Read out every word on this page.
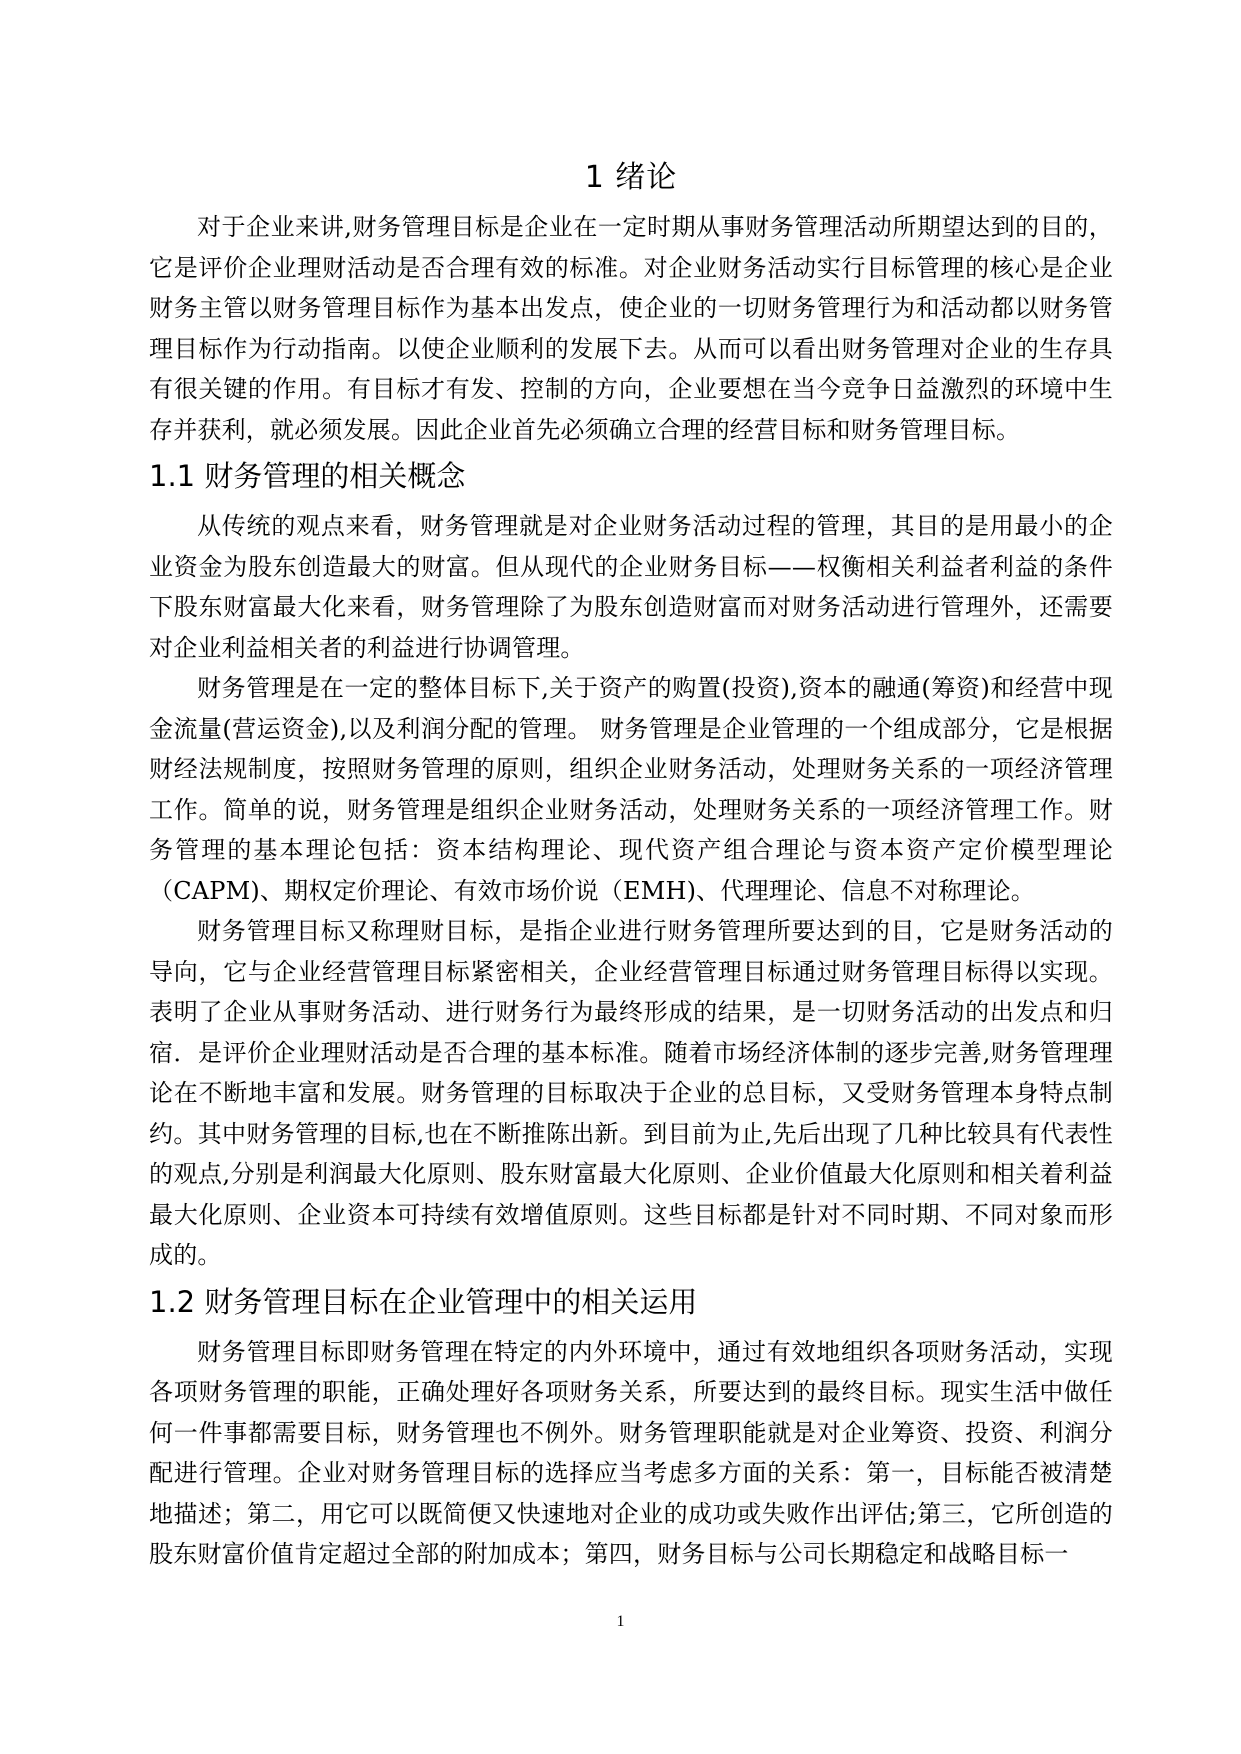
1 绪论

对于企业来讲,财务管理目标是企业在一定时期从事财务管理活动所期望达到的目的，它是评价企业理财活动是否合理有效的标准。对企业财务活动实行目标管理的核心是企业财务主管以财务管理目标作为基本出发点，使企业的一切财务管理行为和活动都以财务管理目标作为行动指南。以使企业顺利的发展下去。从而可以看出财务管理对企业的生存具有很关键的作用。有目标才有发、控制的方向，企业要想在当今竞争日益激烈的环境中生存并获利，就必须发展。因此企业首先必须确立合理的经营目标和财务管理目标。

1.1 财务管理的相关概念

从传统的观点来看，财务管理就是对企业财务活动过程的管理，其目的是用最小的企业资金为股东创造最大的财富。但从现代的企业财务目标——权衡相关利益者利益的条件下股东财富最大化来看，财务管理除了为股东创造财富而对财务活动进行管理外，还需要对企业利益相关者的利益进行协调管理。

财务管理是在一定的整体目标下,关于资产的购置(投资),资本的融通(筹资)和经营中现金流量(营运资金),以及利润分配的管理。 财务管理是企业管理的一个组成部分，它是根据财经法规制度，按照财务管理的原则，组织企业财务活动，处理财务关系的一项经济管理工作。简单的说，财务管理是组织企业财务活动，处理财务关系的一项经济管理工作。财务管理的基本理论包括：资本结构理论、现代资产组合理论与资本资产定价模型理论（CAPM)、期权定价理论、有效市场价说（EMH)、代理理论、信息不对称理论。

财务管理目标又称理财目标，是指企业进行财务管理所要达到的目，它是财务活动的导向，它与企业经营管理目标紧密相关，企业经营管理目标通过财务管理目标得以实现。表明了企业从事财务活动、进行财务行为最终形成的结果，是一切财务活动的出发点和归宿．是评价企业理财活动是否合理的基本标准。随着市场经济体制的逐步完善,财务管理理论在不断地丰富和发展。财务管理的目标取决于企业的总目标，又受财务管理本身特点制约。其中财务管理的目标,也在不断推陈出新。到目前为止,先后出现了几种比较具有代表性的观点,分别是利润最大化原则、股东财富最大化原则、企业价值最大化原则和相关着利益最大化原则、企业资本可持续有效增值原则。这些目标都是针对不同时期、不同对象而形成的。

1.2 财务管理目标在企业管理中的相关运用

财务管理目标即财务管理在特定的内外环境中，通过有效地组织各项财务活动，实现各项财务管理的职能，正确处理好各项财务关系，所要达到的最终目标。现实生活中做任何一件事都需要目标，财务管理也不例外。财务管理职能就是对企业筹资、投资、利润分配进行管理。企业对财务管理目标的选择应当考虑多方面的关系：第一，目标能否被清楚地描述；第二，用它可以既简便又快速地对企业的成功或失败作出评估;第三，它所创造的股东财富价值肯定超过全部的附加成本；第四，财务目标与公司长期稳定和战略目标一

1
